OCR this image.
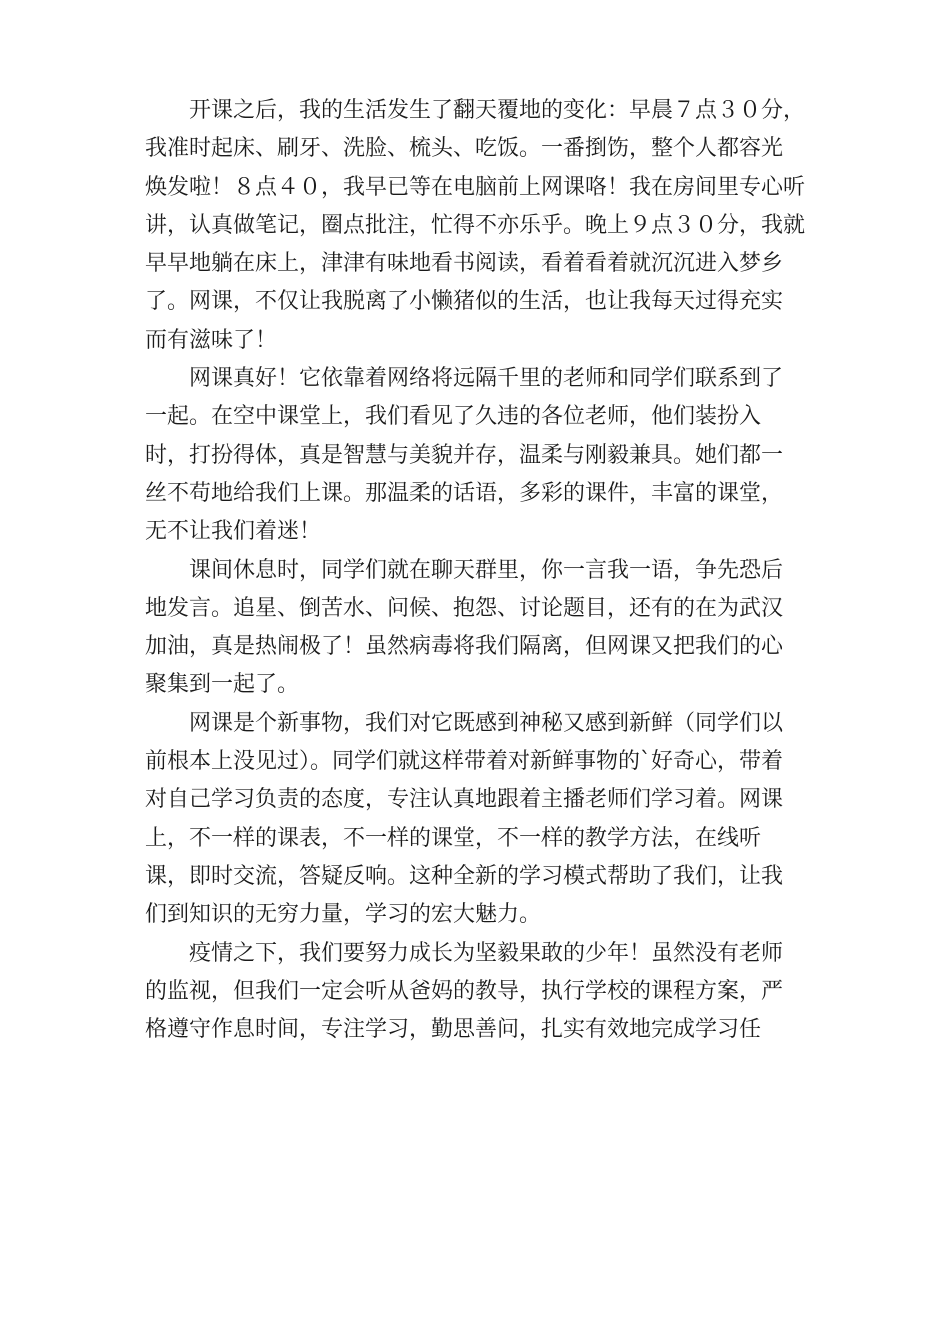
　　开课之后，我的生活发生了翻天覆地的变化：早晨７点３０分，
我准时起床、刷牙、洗脸、梳头、吃饭。一番捯饬，整个人都容光
焕发啦！８点４０，我早已等在电脑前上网课咯！我在房间里专心听
讲，认真做笔记，圈点批注，忙得不亦乐乎。晚上９点３０分，我就
早早地躺在床上，津津有味地看书阅读，看着看着就沉沉进入梦乡
了。网课，不仅让我脱离了小懒猪似的生活，也让我每天过得充实
而有滋味了！
　　网课真好！它依靠着网络将远隔千里的老师和同学们联系到了
一起。在空中课堂上，我们看见了久违的各位老师，他们装扮入
时，打扮得体，真是智慧与美貌并存，温柔与刚毅兼具。她们都一
丝不苟地给我们上课。那温柔的话语，多彩的课件，丰富的课堂，
无不让我们着迷！
　　课间休息时，同学们就在聊天群里，你一言我一语，争先恐后
地发言。追星、倒苦水、问候、抱怨、讨论题目，还有的在为武汉
加油，真是热闹极了！虽然病毒将我们隔离，但网课又把我们的心
聚集到一起了。
　　网课是个新事物，我们对它既感到神秘又感到新鲜（同学们以
前根本上没见过）。同学们就这样带着对新鲜事物的`好奇心，带着
对自己学习负责的态度，专注认真地跟着主播老师们学习着。网课
上，不一样的课表，不一样的课堂，不一样的教学方法，在线听
课，即时交流，答疑反响。这种全新的学习模式帮助了我们，让我
们到知识的无穷力量，学习的宏大魅力。
　　疫情之下，我们要努力成长为坚毅果敢的少年！虽然没有老师
的监视，但我们一定会听从爸妈的教导，执行学校的课程方案，严
格遵守作息时间，专注学习，勤思善问，扎实有效地完成学习任
